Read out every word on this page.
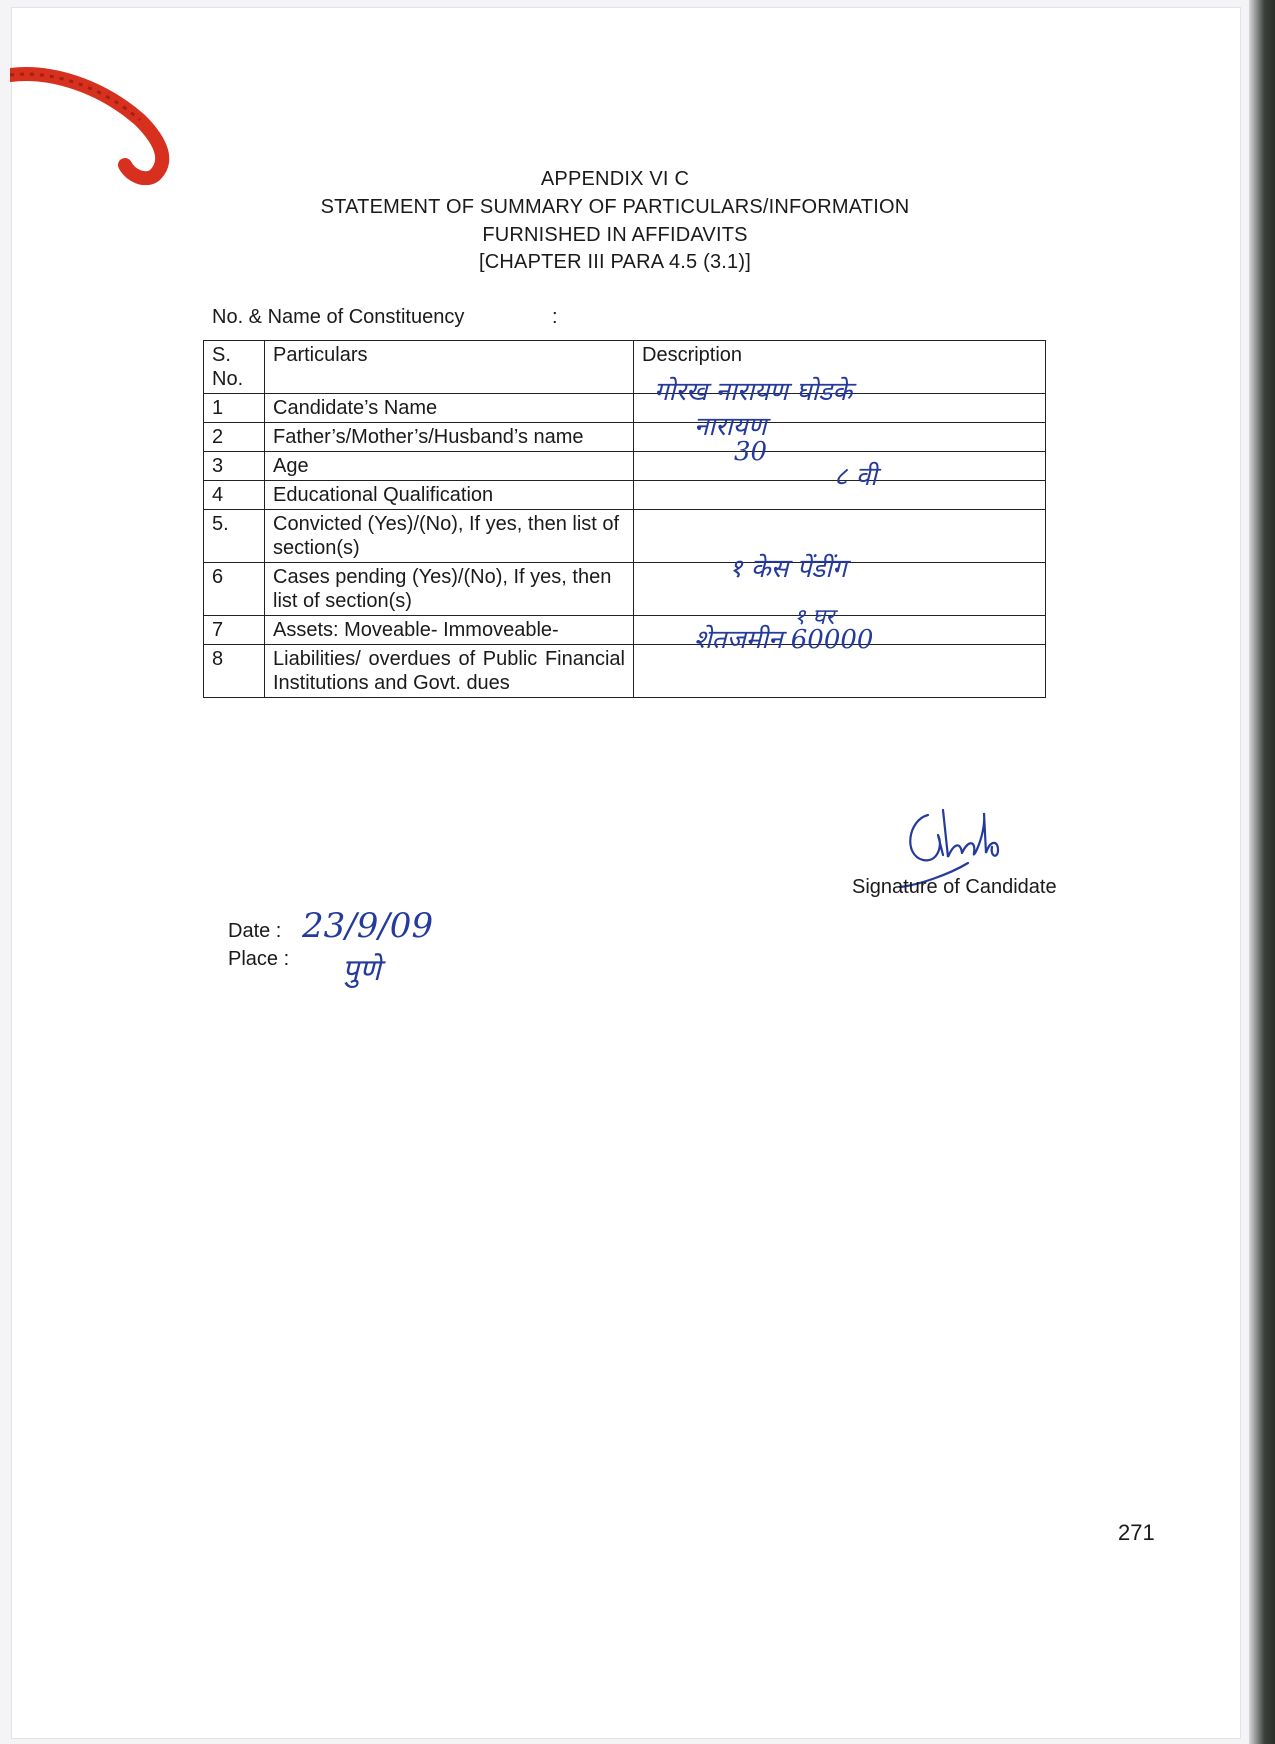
APPENDIX VI C
STATEMENT OF SUMMARY OF PARTICULARS/INFORMATION
FURNISHED IN AFFIDAVITS
[CHAPTER III PARA 4.5 (3.1)]
No. & Name of Constituency	:
S. No.	Particulars	Description
1	Candidate’s Name	गोरख नारायण घोडके

2	Father’s/Mother’s/Husband’s name	नारायण

3	Age	30

4	Educational Qualification	८ वी

5.	Convicted (Yes)/(No), If yes, then list of section(s)	
6	Cases pending (Yes)/(No), If yes, then list of section(s)	१ केस पेंडींग

7	Assets: Moveable- Immoveable-	१ घर
शेतजमीन 60000

8	Liabilities/ overdues of Public Financial Institutions and Govt. dues	
Signature of Candidate
Date : 23/9/09
Place : पुणे
271
